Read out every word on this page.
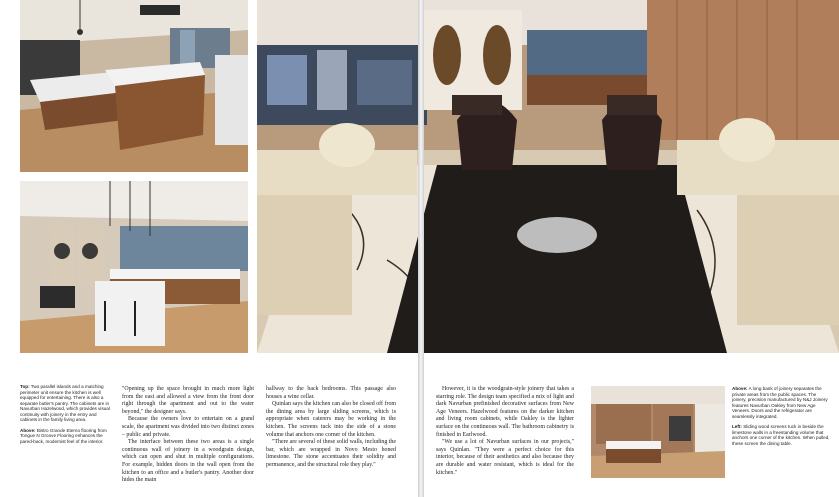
Top: Two parallel islands and a matching perimeter unit ensure the kitchen is well equipped for entertaining. There is also a separate butler's pantry. The cabinets are in Navurban Hazelwood, which provides visual continuity with joinery in the entry and cabinets in the family living area.

Above: Bistro Grande Eterno flooring from Tongue N Groove Flooring enhances the pared-back, modernist feel of the interior.

"Opening up the space brought in much more light from the east and allowed a view from the front door right through the apartment and out to the water beyond," the designer says.

Because the owners love to entertain on a grand scale, the apartment was divided into two distinct zones – public and private.

The interface between these two areas is a single continuous wall of joinery in a woodgrain design, which can open and shut in multiple configurations. For example, hidden doors in the wall open from the kitchen to an office and a butler's pantry. Another door hides the main

hallway to the back bedrooms. This passage also houses a wine cellar.

Quinlan says the kitchen can also be closed off from the dining area by large sliding screens, which is appropriate when caterers may be working in the kitchen. The screens tuck into the side of a stone volume that anchors one corner of the kitchen.

"There are several of these solid walls, including the bar, which are wrapped in Novo Mesto honed limestone. The stone accentuates their solidity and permanence, and the structural role they play."

However, it is the woodgrain-style joinery that takes a starring role. The design team specified a mix of light and dark Navurban prefinished decorative surfaces from New Age Veneers. Hazelwood features on the darker kitchen and living room cabinets, while Oakley is the lighter surface on the continuous wall. The bathroom cabinetry is finished in Earlwood.

"We use a lot of Navurban surfaces in our projects," says Quinlan. "They were a perfect choice for this interior, because of their aesthetics and also because they are durable and water resistant, which is ideal for the kitchen."

Above: A long bank of joinery separates the private areas from the public spaces. The joinery, precision manufactured by N&J Joinery features Navurban Oakley from New Age Veneers. Doors and the refrigerator are seamlessly integrated.

Left: Sliding wood screens tuck in beside the limestone walls in a freestanding volume that anchors one corner of the kitchen. When pulled, these screen the dining table.
